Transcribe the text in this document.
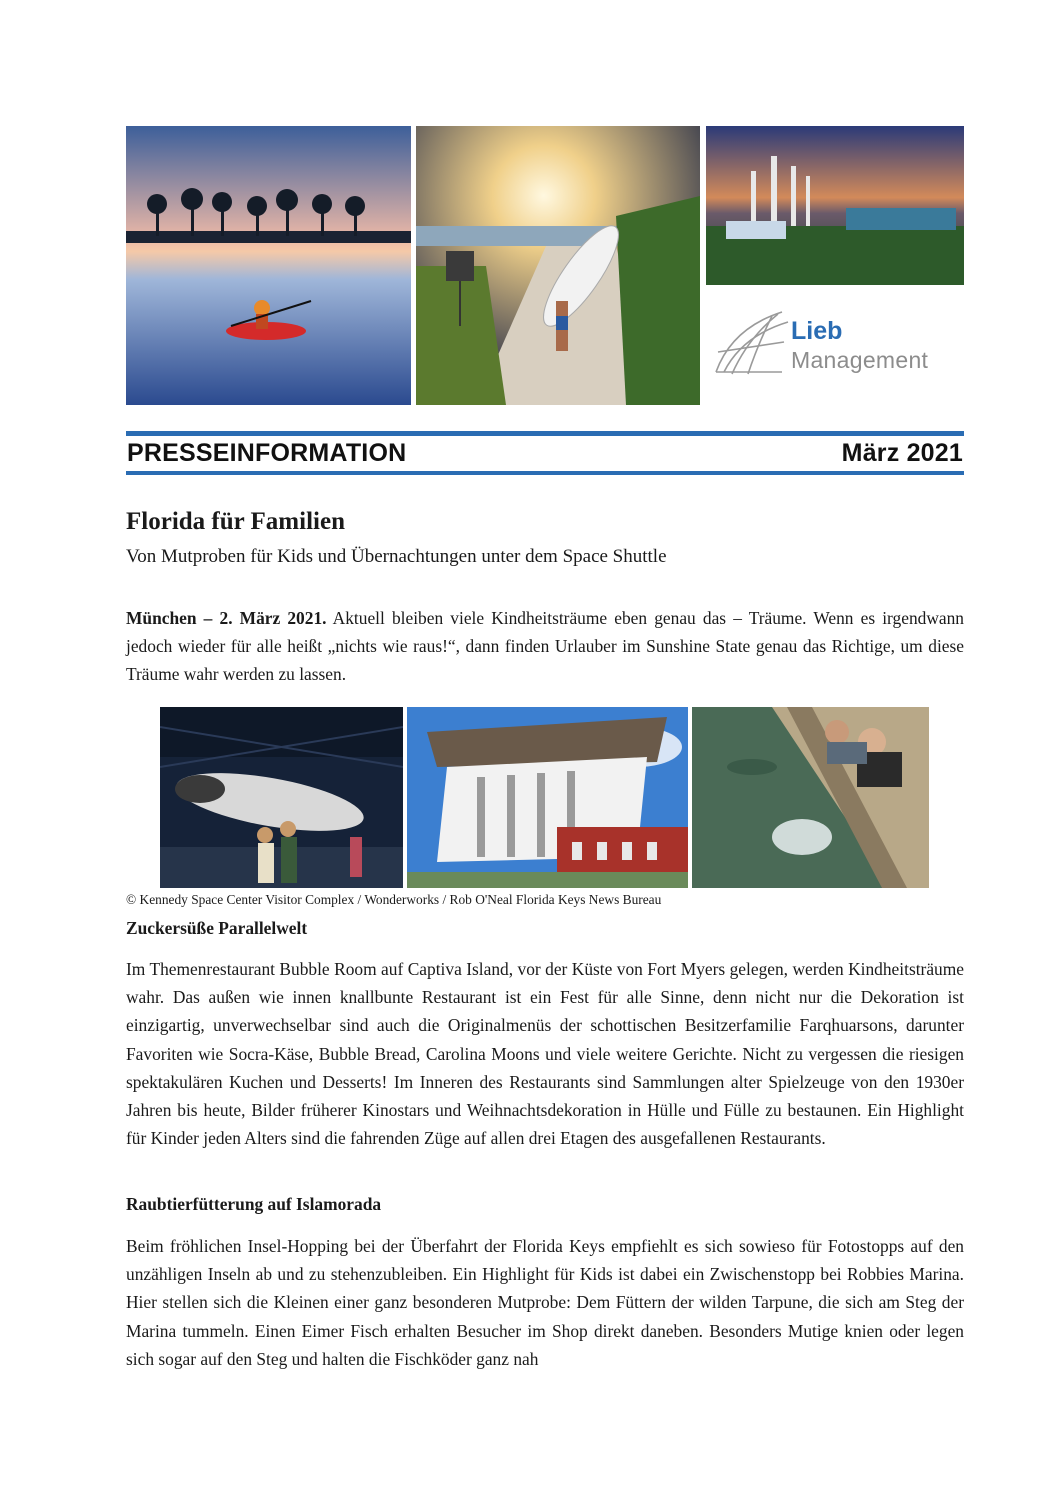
Lieb
Management
PRESSEINFORMATION	März 2021
Florida für Familien
Von Mutproben für Kids und Übernachtungen unter dem Space Shuttle

München – 2. März 2021. Aktuell bleiben viele Kindheitsträume eben genau das – Träume. Wenn es irgendwann jedoch wieder für alle heißt „nichts wie raus!“, dann finden Urlauber im Sunshine State genau das Richtige, um diese Träume wahr werden zu lassen.

© Kennedy Space Center Visitor Complex / Wonderworks / Rob O'Neal Florida Keys News Bureau
Zuckersüße Parallelwelt

Im Themenrestaurant Bubble Room auf Captiva Island, vor der Küste von Fort Myers gelegen, werden Kindheitsträume wahr. Das außen wie innen knallbunte Restaurant ist ein Fest für alle Sinne, denn nicht nur die Dekoration ist einzigartig, unverwechselbar sind auch die Originalmenüs der schottischen Besitzerfamilie Farqhuarsons, darunter Favoriten wie Socra-Käse, Bubble Bread, Carolina Moons und viele weitere Gerichte. Nicht zu vergessen die riesigen spektakulären Kuchen und Desserts! Im Inneren des Restaurants sind Sammlungen alter Spielzeuge von den 1930er Jahren bis heute, Bilder früherer Kinostars und Weihnachtsdekoration in Hülle und Fülle zu bestaunen. Ein Highlight für Kinder jeden Alters sind die fahrenden Züge auf allen drei Etagen des ausgefallenen Restaurants.

Raubtierfütterung auf Islamorada

Beim fröhlichen Insel-Hopping bei der Überfahrt der Florida Keys empfiehlt es sich sowieso für Fotostopps auf den unzähligen Inseln ab und zu stehenzubleiben. Ein Highlight für Kids ist dabei ein Zwischenstopp bei Robbies Marina. Hier stellen sich die Kleinen einer ganz besonderen Mutprobe: Dem Füttern der wilden Tarpune, die sich am Steg der Marina tummeln. Einen Eimer Fisch erhalten Besucher im Shop direkt daneben. Besonders Mutige knien oder legen sich sogar auf den Steg und halten die Fischköder ganz nah
